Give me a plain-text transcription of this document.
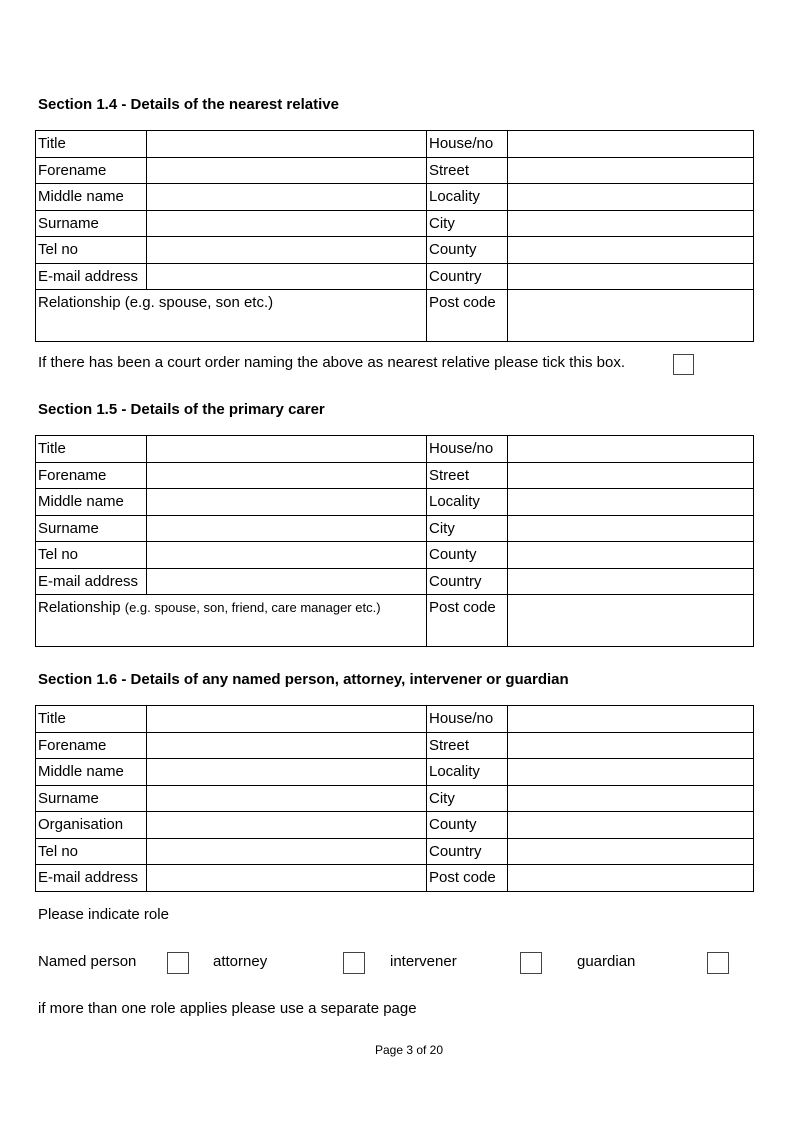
Section 1.4 - Details of the nearest relative
Title		House/no	
Forename		Street	
Middle name		Locality	
Surname		City	
Tel no		County	
E-mail address		Country	
Relationship (e.g. spouse, son etc.)		Post code	
If there has been a court order naming the above as nearest relative please tick this box.
Section 1.5 - Details of the primary carer
Title		House/no	
Forename		Street	
Middle name		Locality	
Surname		City	
Tel no		County	
E-mail address		Country	
Relationship (e.g. spouse, son, friend, care manager etc.)		Post code	
Section 1.6 - Details of any named person, attorney, intervener or guardian
Title		House/no	
Forename		Street	
Middle name		Locality	
Surname		City	
Organisation		County	
Tel no		Country	
E-mail address		Post code	
Please indicate role
Named person	attorney	intervener	guardian
if more than one role applies please use a separate page
Page 3 of 20
